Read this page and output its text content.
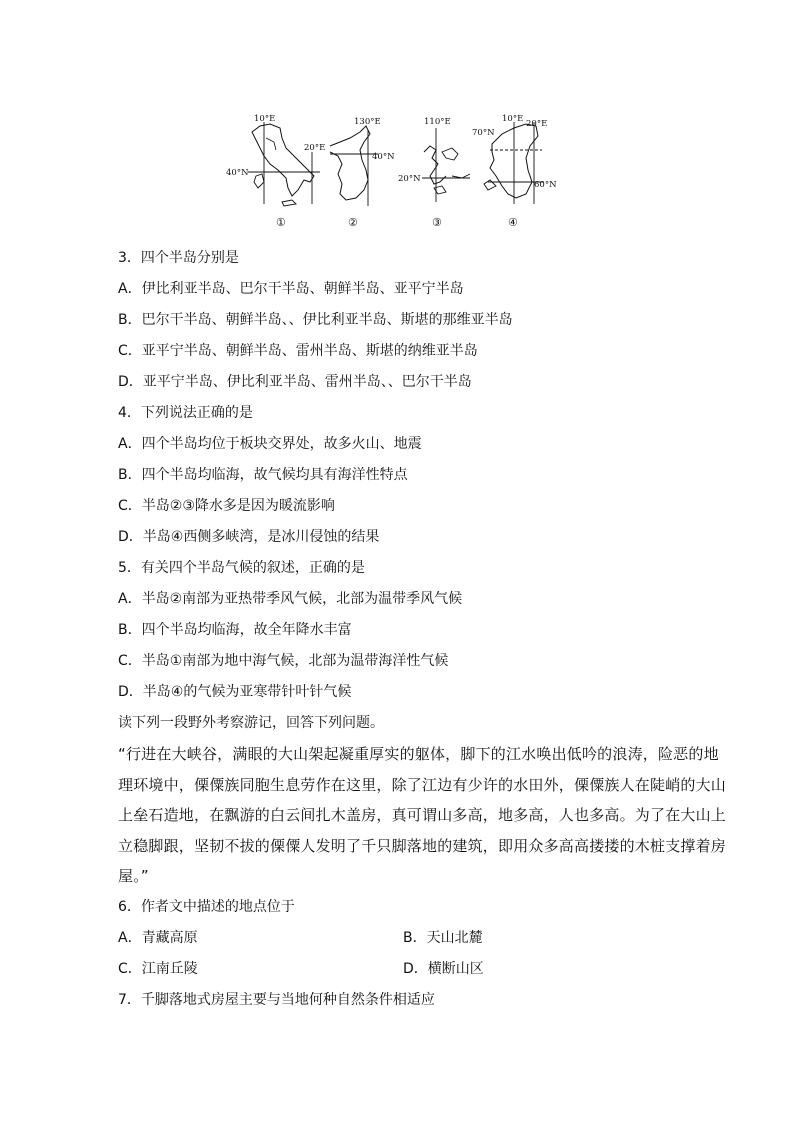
10°E
20°E
40°N
①
130°E
40°N
②
110°E
20°N
③
10°E 20°E
70°N
60°N
④
3．四个半岛分别是
A．伊比利亚半岛、巴尔干半岛、朝鲜半岛、亚平宁半岛
B．巴尔干半岛、朝鲜半岛、、伊比利亚半岛、斯堪的那维亚半岛
C．亚平宁半岛、朝鲜半岛、雷州半岛、斯堪的纳维亚半岛
D．亚平宁半岛、伊比利亚半岛、雷州半岛、、巴尔干半岛
4．下列说法正确的是
A．四个半岛均位于板块交界处，故多火山、地震
B．四个半岛均临海，故气候均具有海洋性特点
C．半岛②③降水多是因为暖流影响
D．半岛④西侧多峡湾，是冰川侵蚀的结果
5．有关四个半岛气候的叙述，正确的是
A．半岛②南部为亚热带季风气候，北部为温带季风气候
B．四个半岛均临海，故全年降水丰富
C．半岛①南部为地中海气候，北部为温带海洋性气候
D．半岛④的气候为亚寒带针叶针气候
读下列一段野外考察游记，回答下列问题。
“行进在大峡谷，满眼的大山架起凝重厚实的躯体，脚下的江水唤出低吟的浪涛，险恶的地
理环境中，傈僳族同胞生息劳作在这里，除了江边有少许的水田外，傈僳族人在陡峭的大山
上垒石造地，在飘游的白云间扎木盖房，真可谓山多高，地多高，人也多高。为了在大山上
立稳脚跟，坚韧不拔的傈僳人发明了千只脚落地的建筑，即用众多高高搂搂的木桩支撑着房
屋。”
6．作者文中描述的地点位于
A．青藏高原	B．天山北麓
C．江南丘陵	D．横断山区
7．千脚落地式房屋主要与当地何种自然条件相适应
